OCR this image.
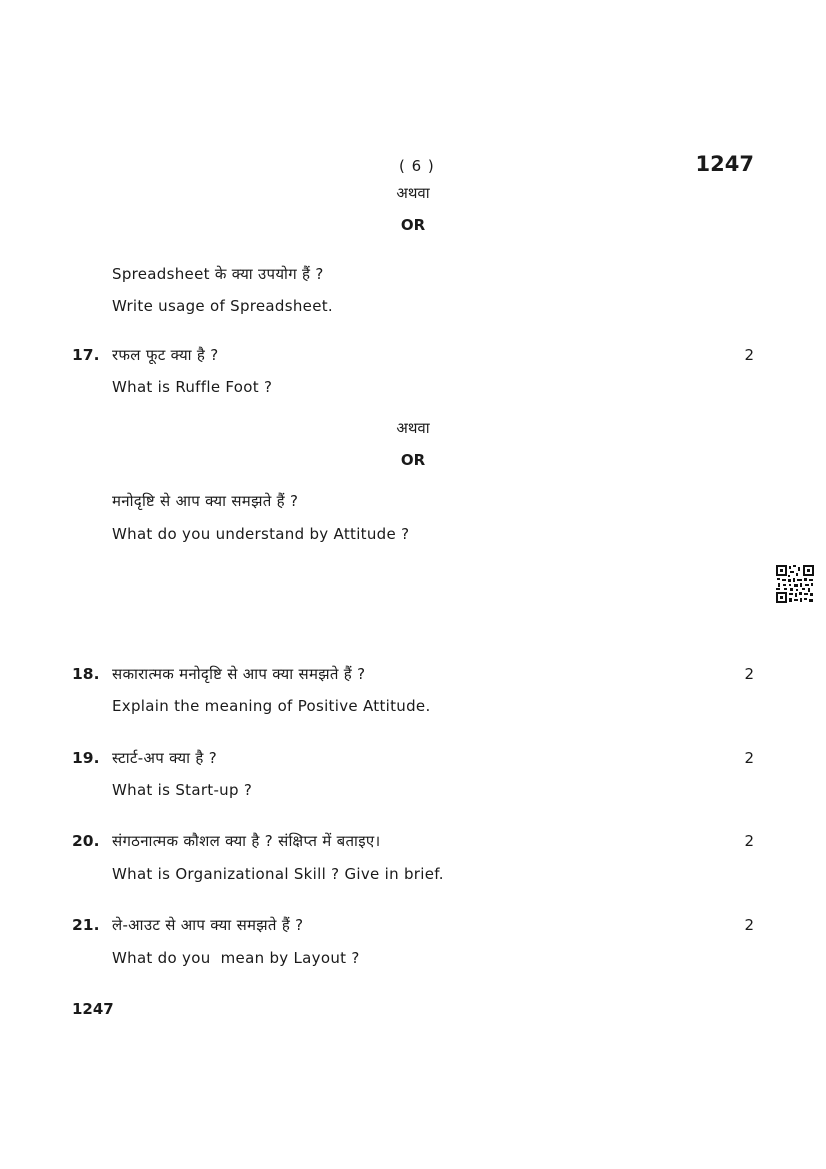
( 6 )	1247
अथवा
OR
Spreadsheet के क्या उपयोग हैं ?
Write usage of Spreadsheet.
17. रफल फूट क्या है ?	2
What is Ruffle Foot ?
अथवा
OR
मनोदृष्टि से आप क्या समझते हैं ?
What do you understand by Attitude ?
18. सकारात्मक मनोदृष्टि से आप क्या समझते हैं ?	2
Explain the meaning of Positive Attitude.
19. स्टार्ट-अप क्या है ?	2
What is Start-up ?
20. संगठनात्मक कौशल क्या है ? संक्षिप्त में बताइए।	2
What is Organizational Skill ? Give in brief.
21. ले-आउट से आप क्या समझते हैं ?	2
What do you  mean by Layout ?
1247
